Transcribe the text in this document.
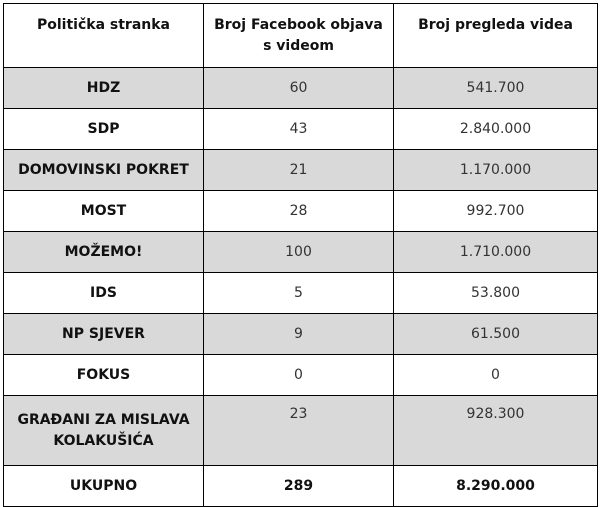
Politička stranka	Broj Facebook objava s videom	Broj pregleda videa
HDZ	60	541.700
SDP	43	2.840.000
DOMOVINSKI POKRET	21	1.170.000
MOST	28	992.700
MOŽEMO!	100	1.710.000
IDS	5	53.800
NP SJEVER	9	61.500
FOKUS	0	0
GRAĐANI ZA MISLAVA KOLAKUŠIĆA	23	928.300
UKUPNO	289	8.290.000
